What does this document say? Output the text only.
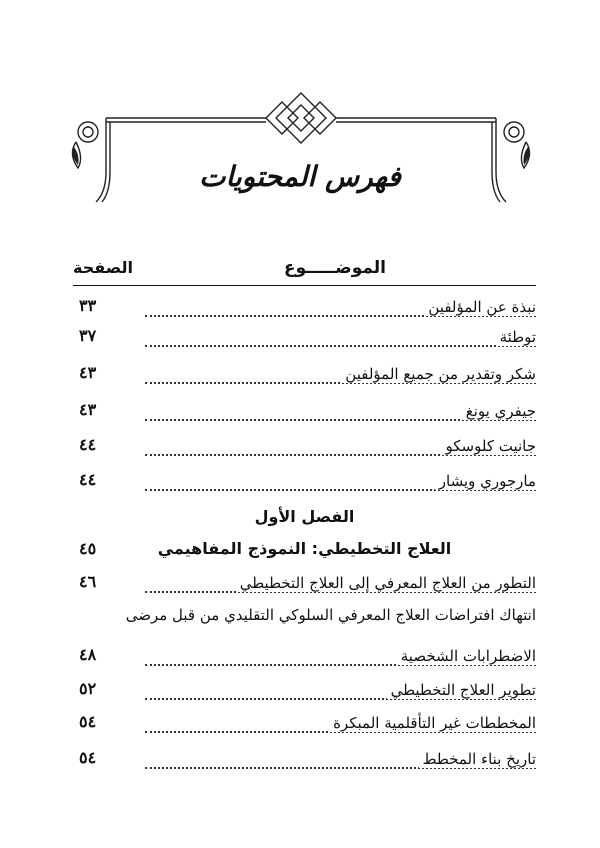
فهرس المحتويات
الموضـــــوع
الصفحة
نبذة عن المؤلفين
٣٣
توطئة
٣٧
شكر وتقدير من جميع المؤلفين
٤٣
جيفري يونغ
٤٣
جانيت كلوسكو
٤٤
مارجوري ويشار
٤٤
الفصل الأول
العلاج التخطيطي: النموذج المفاهيمي
٤٥
التطور من العلاج المعرفي إلى العلاج التخطيطي
٤٦
انتهاك افتراضات العلاج المعرفي السلوكي التقليدي من قبل مرضى
الاضطرابات الشخصية
٤٨
تطوير العلاج التخطيطي
٥٢
المخططات غير التأقلمية المبكرة
٥٤
تاريخ بناء المخطط
٥٤
